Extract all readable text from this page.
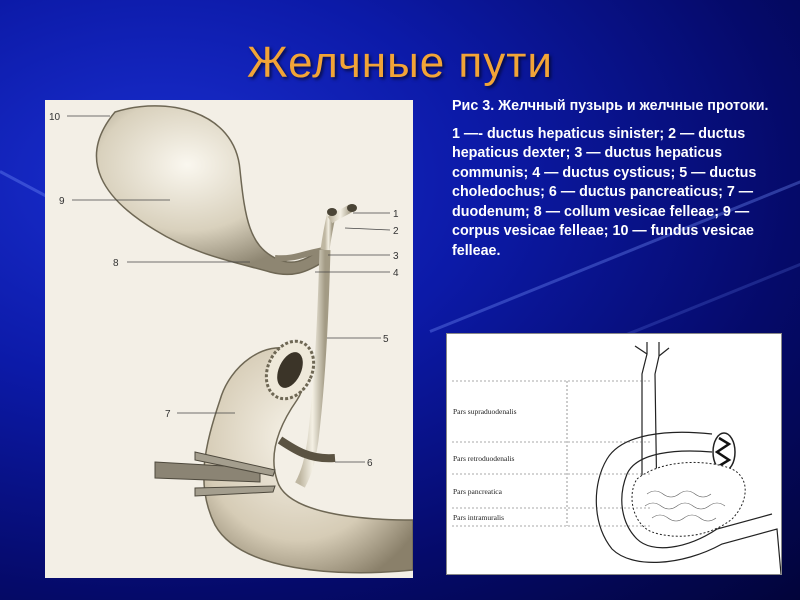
Желчные пути
10
9
8
1
2
3
4
5
7
6

Рис 3. Желчный пузырь и желчные протоки.

1 —- ductus hepaticus sinister; 2 — ductus hepaticus dexter; 3 — ductus hepaticus communis; 4 — ductus cysticus; 5 — ductus choledochus; 6 — ductus pancreaticus; 7 — duodenum; 8 — collum vesicae felleae; 9 — corpus vesicae felleae; 10 — fundus vesicae felleae.

Pars supraduodenalis
Pars retroduodenalis
Pars pancreatica
Pars intramuralis
